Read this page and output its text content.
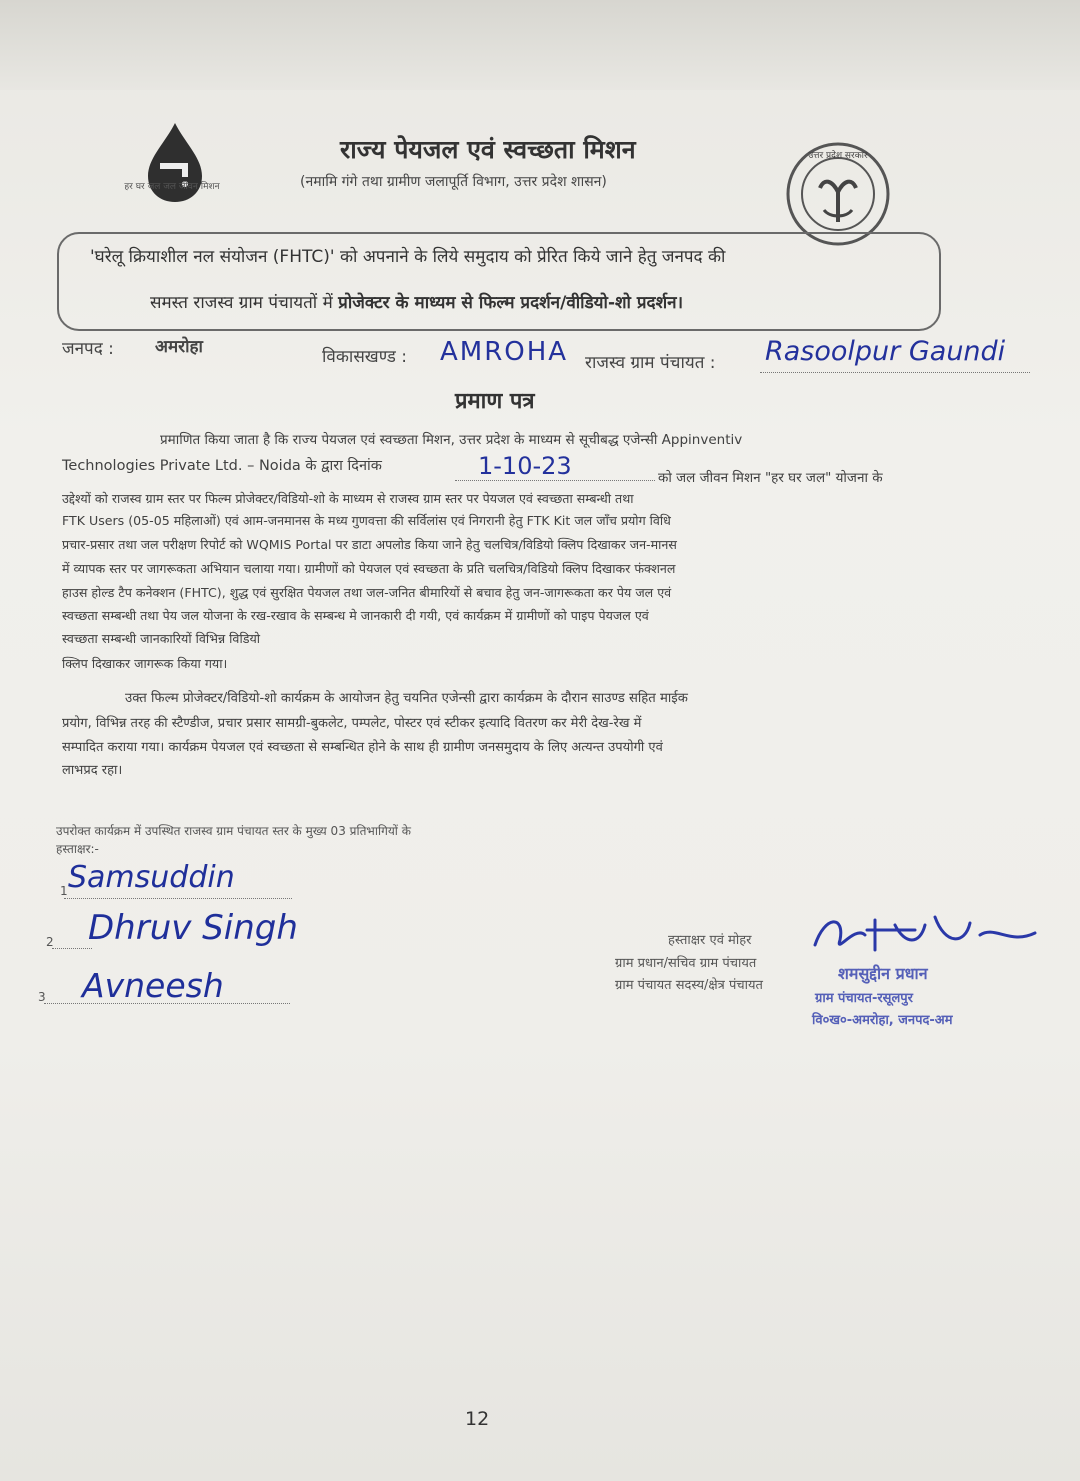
हर घर जल जल जीवन मिशन
राज्य पेयजल एवं स्वच्छता मिशन
(नमामि गंगे तथा ग्रामीण जलापूर्ति विभाग, उत्तर प्रदेश शासन)
उत्तर प्रदेश सरकार
'घरेलू क्रियाशील नल संयोजन (FHTC)' को अपनाने के लिये समुदाय को प्रेरित किये जाने हेतु जनपद की
समस्त राजस्व ग्राम पंचायतों में प्रोजेक्टर के माध्यम से फिल्म प्रदर्शन/वीडियो-शो प्रदर्शन।
जनपद : अमरोहा	विकासखण्ड : AMROHA राजस्व ग्राम पंचायत : Rasoolpur Gaundi
प्रमाण पत्र
प्रमाणित किया जाता है कि राज्य पेयजल एवं स्वच्छता मिशन, उत्तर प्रदेश के माध्यम से सूचीबद्ध एजेन्सी Appinventiv
Technologies Private Ltd. – Noida के द्वारा दिनांक	1-10-23	को जल जीवन मिशन "हर घर जल" योजना के
उद्देश्यों को राजस्व ग्राम स्तर पर फिल्म प्रोजेक्टर/विडियो-शो के माध्यम से राजस्व ग्राम स्तर पर पेयजल एवं स्वच्छता सम्बन्धी तथा
FTK Users (05-05 महिलाओं) एवं आम-जनमानस के मध्य गुणवत्ता की सर्विलांस एवं निगरानी हेतु FTK Kit जल जाँच प्रयोग विधि
प्रचार-प्रसार तथा जल परीक्षण रिपोर्ट को WQMIS Portal पर डाटा अपलोड किया जाने हेतु चलचित्र/विडियो क्लिप दिखाकर जन-मानस
में व्यापक स्तर पर जागरूकता अभियान चलाया गया। ग्रामीणों को पेयजल एवं स्वच्छता के प्रति चलचित्र/विडियो क्लिप दिखाकर फंक्शनल
हाउस होल्ड टैप कनेक्शन (FHTC), शुद्ध एवं सुरक्षित पेयजल तथा जल-जनित बीमारियों से बचाव हेतु जन-जागरूकता कर पेय जल एवं
स्वच्छता सम्बन्धी तथा पेय जल योजना के रख-रखाव के सम्बन्ध मे जानकारी दी गयी, एवं कार्यक्रम में ग्रामीणों को पाइप पेयजल एवं
स्वच्छता सम्बन्धी जानकारियों विभिन्न विडियो
क्लिप दिखाकर जागरूक किया गया।
उक्त फिल्म प्रोजेक्टर/विडियो-शो कार्यक्रम के आयोजन हेतु चयनित एजेन्सी द्वारा कार्यक्रम के दौरान साउण्ड सहित माईक
प्रयोग, विभिन्न तरह की स्टैण्डीज, प्रचार प्रसार सामग्री-बुकलेट, पम्पलेट, पोस्टर एवं स्टीकर इत्यादि वितरण कर मेरी देख-रेख में
सम्पादित कराया गया। कार्यक्रम पेयजल एवं स्वच्छता से सम्बन्धित होने के साथ ही ग्रामीण जनसमुदाय के लिए अत्यन्त उपयोगी एवं
लाभप्रद रहा।
उपरोक्त कार्यक्रम में उपस्थित राजस्व ग्राम पंचायत स्तर के मुख्य 03 प्रतिभागियों के
हस्ताक्षर:-
1 Samsuddin
2 Dhruv Singh
3 Avneesh
हस्ताक्षर एवं मोहर
ग्राम प्रधान/सचिव ग्राम पंचायत
ग्राम पंचायत सदस्य/क्षेत्र पंचायत
शमसुद्दीन प्रधान
ग्राम पंचायत-रसूलपुर
वि०ख०-अमरोहा, जनपद-अम
12
